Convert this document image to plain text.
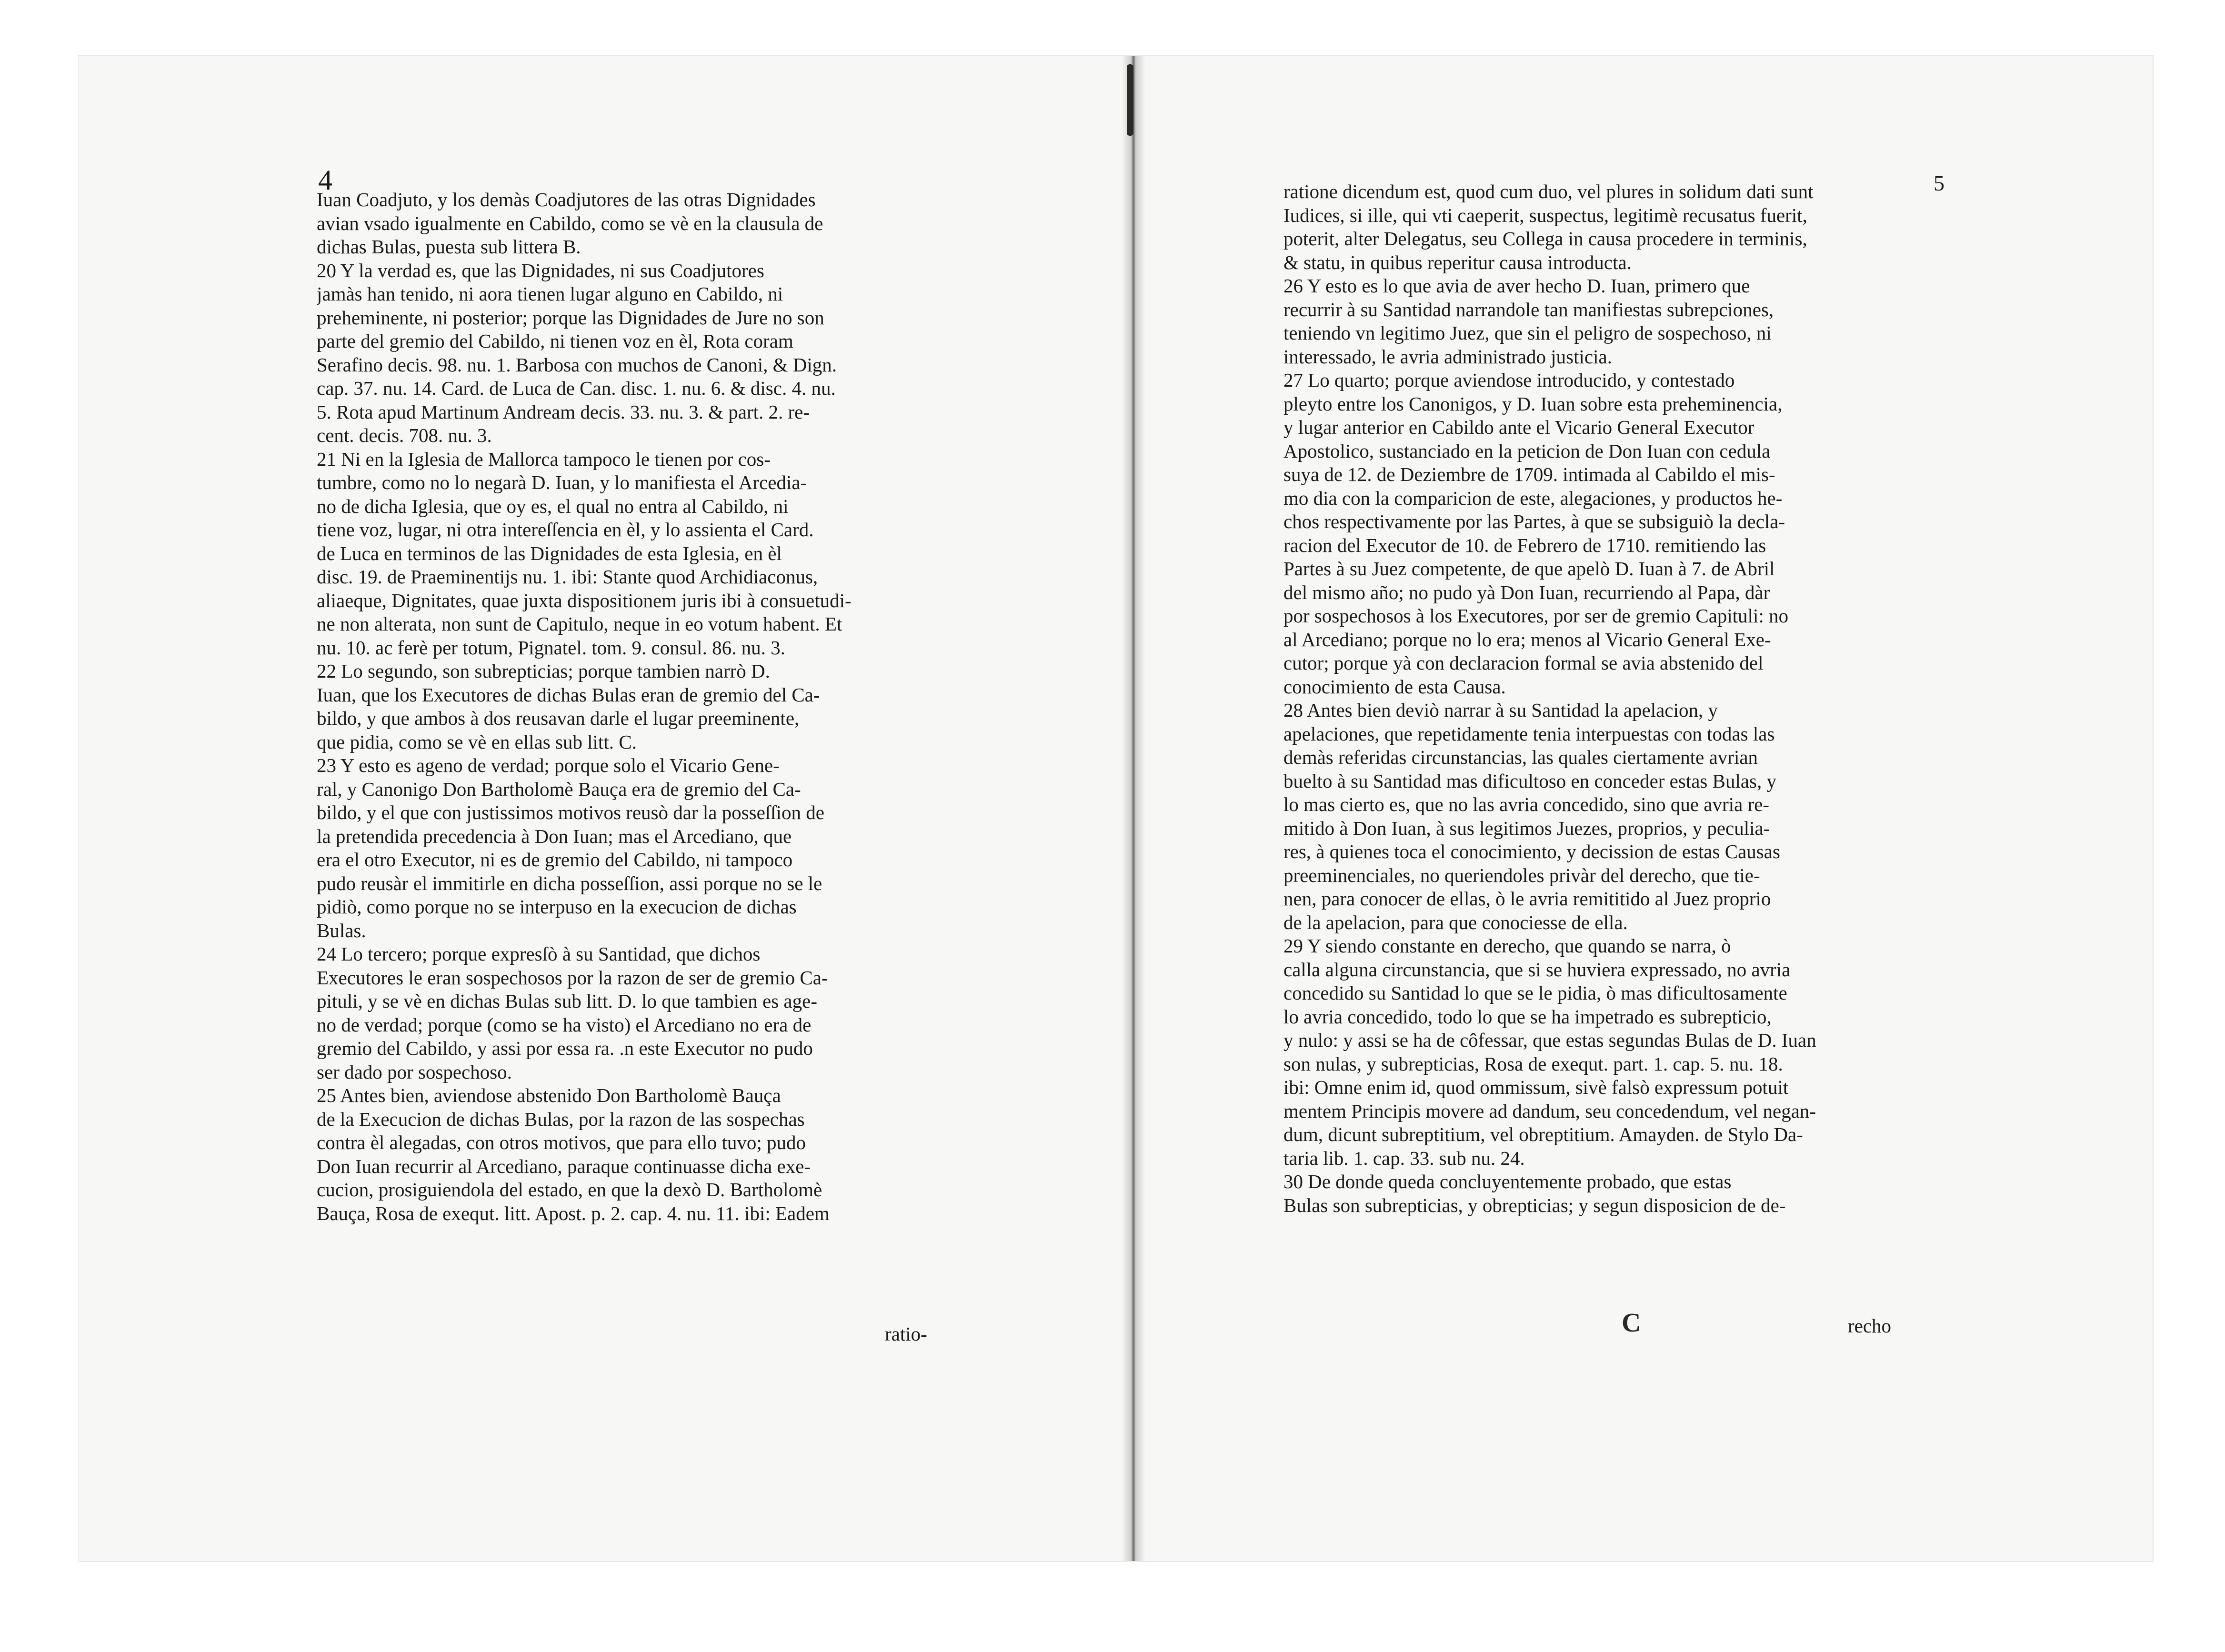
4	5
Iuan Coadjuto, y los demàs Coadjutores de las otras Dignidades
avian vsado igualmente en Cabildo, como se vè en la clausula de
dichas Bulas, puesta sub littera B.
20 Y la verdad es, que las Dignidades, ni sus Coadjutores
jamàs han tenido, ni aora tienen lugar alguno en Cabildo, ni
preheminente, ni posterior; porque las Dignidades de Jure no son
parte del gremio del Cabildo, ni tienen voz en èl, Rota coram
Serafino decis. 98. nu. 1. Barbosa con muchos de Canoni, & Dign.
cap. 37. nu. 14. Card. de Luca de Can. disc. 1. nu. 6. & disc. 4. nu.
5. Rota apud Martinum Andream decis. 33. nu. 3. & part. 2. re-
cent. decis. 708. nu. 3.
21 Ni en la Iglesia de Mallorca tampoco le tienen por cos-
tumbre, como no lo negarà D. Iuan, y lo manifiesta el Arcedia-
no de dicha Iglesia, que oy es, el qual no entra al Cabildo, ni
tiene voz, lugar, ni otra intereſſencia en èl, y lo assienta el Card.
de Luca en terminos de las Dignidades de esta Iglesia, en èl
disc. 19. de Praeminentijs nu. 1. ibi: Stante quod Archidiaconus,
aliaeque, Dignitates, quae juxta dispositionem juris ibi à consuetudi-
ne non alterata, non sunt de Capitulo, neque in eo votum habent. Et
nu. 10. ac ferè per totum, Pignatel. tom. 9. consul. 86. nu. 3.
22 Lo segundo, son subrepticias; porque tambien narrò D.
Iuan, que los Executores de dichas Bulas eran de gremio del Ca-
bildo, y que ambos à dos reusavan darle el lugar preeminente,
que pidia, como se vè en ellas sub litt. C.
23 Y esto es ageno de verdad; porque solo el Vicario Gene-
ral, y Canonigo Don Bartholomè Bauça era de gremio del Ca-
bildo, y el que con justissimos motivos reusò dar la posseſſion de
la pretendida precedencia à Don Iuan; mas el Arcediano, que
era el otro Executor, ni es de gremio del Cabildo, ni tampoco
pudo reusàr el immitirle en dicha posseſſion, assi porque no se le
pidiò, como porque no se interpuso en la execucion de dichas
Bulas.
24 Lo tercero; porque expresſò à su Santidad, que dichos
Executores le eran sospechosos por la razon de ser de gremio Ca-
pituli, y se vè en dichas Bulas sub litt. D. lo que tambien es age-
no de verdad; porque (como se ha visto) el Arcediano no era de
gremio del Cabildo, y assi por essa ra. .n este Executor no pudo
ser dado por sospechoso.
25 Antes bien, aviendose abstenido Don Bartholomè Bauça
de la Execucion de dichas Bulas, por la razon de las sospechas
contra èl alegadas, con otros motivos, que para ello tuvo; pudo
Don Iuan recurrir al Arcediano, paraque continuasse dicha exe-
cucion, prosiguiendola del estado, en que la dexò D. Bartholomè
Bauça, Rosa de exequt. litt. Apost. p. 2. cap. 4. nu. 11. ibi: Eadem
ratio-
ratione dicendum est, quod cum duo, vel plures in solidum dati sunt
Iudices, si ille, qui vti caeperit, suspectus, legitimè recusatus fuerit,
poterit, alter Delegatus, seu Collega in causa procedere in terminis,
& statu, in quibus reperitur causa introducta.
26 Y esto es lo que avia de aver hecho D. Iuan, primero que
recurrir à su Santidad narrandole tan manifiestas subrepciones,
teniendo vn legitimo Juez, que sin el peligro de sospechoso, ni
interessado, le avria administrado justicia.
27 Lo quarto; porque aviendose introducido, y contestado
pleyto entre los Canonigos, y D. Iuan sobre esta preheminencia,
y lugar anterior en Cabildo ante el Vicario General Executor
Apostolico, sustanciado en la peticion de Don Iuan con cedula
suya de 12. de Deziembre de 1709. intimada al Cabildo el mis-
mo dia con la comparicion de este, alegaciones, y productos he-
chos respectivamente por las Partes, à que se subsiguiò la decla-
racion del Executor de 10. de Febrero de 1710. remitiendo las
Partes à su Juez competente, de que apelò D. Iuan à 7. de Abril
del mismo año; no pudo yà Don Iuan, recurriendo al Papa, dàr
por sospechosos à los Executores, por ser de gremio Capituli: no
al Arcediano; porque no lo era; menos al Vicario General Exe-
cutor; porque yà con declaracion formal se avia abstenido del
conocimiento de esta Causa.
28 Antes bien deviò narrar à su Santidad la apelacion, y
apelaciones, que repetidamente tenia interpuestas con todas las
demàs referidas circunstancias, las quales ciertamente avrian
buelto à su Santidad mas dificultoso en conceder estas Bulas, y
lo mas cierto es, que no las avria concedido, sino que avria re-
mitido à Don Iuan, à sus legitimos Juezes, proprios, y peculia-
res, à quienes toca el conocimiento, y decission de estas Causas
preeminenciales, no queriendoles privàr del derecho, que tie-
nen, para conocer de ellas, ò le avria remititido al Juez proprio
de la apelacion, para que conociesse de ella.
29 Y siendo constante en derecho, que quando se narra, ò
calla alguna circunstancia, que si se huviera expressado, no avria
concedido su Santidad lo que se le pidia, ò mas dificultosamente
lo avria concedido, todo lo que se ha impetrado es subrepticio,
y nulo: y assi se ha de côfessar, que estas segundas Bulas de D. Iuan
son nulas, y subrepticias, Rosa de exequt. part. 1. cap. 5. nu. 18.
ibi: Omne enim id, quod ommissum, sivè falsò expressum potuit
mentem Principis movere ad dandum, seu concedendum, vel negan-
dum, dicunt subreptitium, vel obreptitium. Amayden. de Stylo Da-
taria lib. 1. cap. 33. sub nu. 24.
30 De donde queda concluyentemente probado, que estas
Bulas son subrepticias, y obrepticias; y segun disposicion de de-
C	recho
